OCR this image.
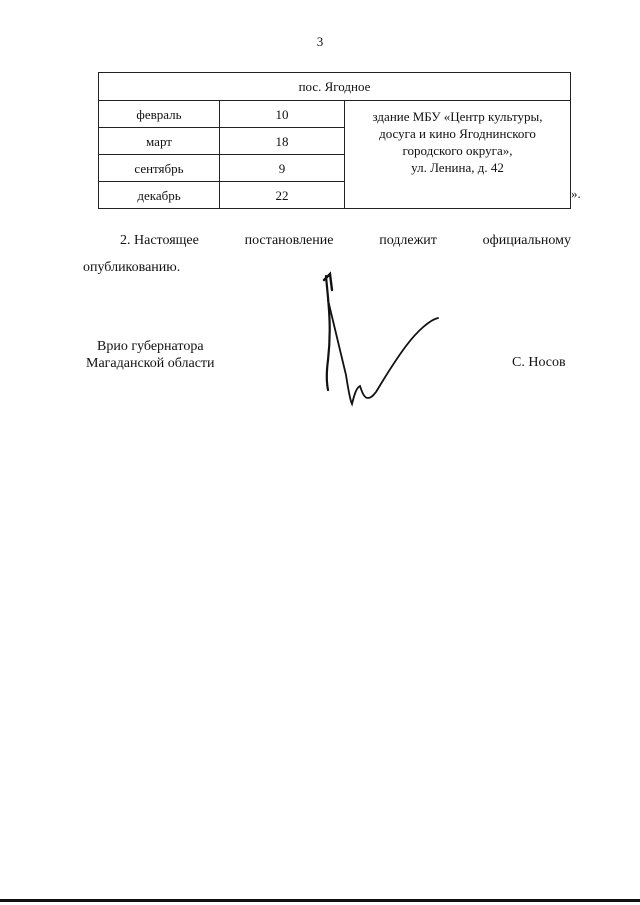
3
пос. Ягодное		
февраль	10	здание МБУ «Центр культуры,
досуга и кино Ягоднинского
городского округа»,
ул. Ленина, д. 42

март	18	
сентябрь	9	
декабрь	22		».
2. Настоящее	постановление	подлежит	официальному
опубликованию.
Врио губернатора
Магаданской области	С. Носов
